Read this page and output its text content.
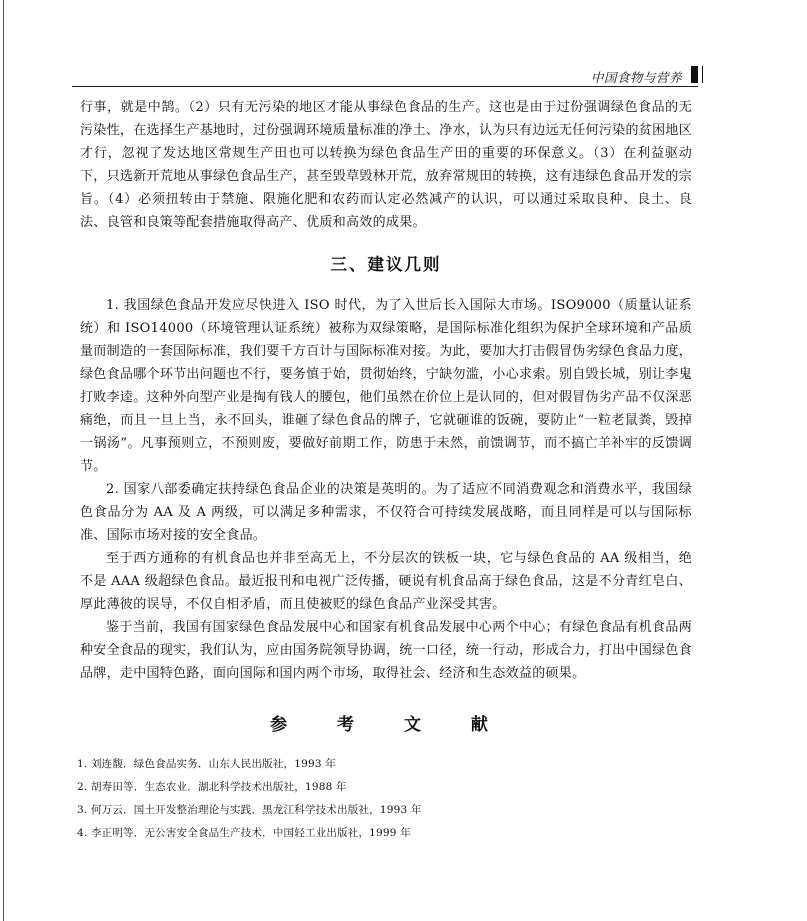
中国食物与营养

行事，就是中鹄。（2）只有无污染的地区才能从事绿色食品的生产。这也是由于过份强调绿色食品的无污染性，在选择生产基地时，过份强调环境质量标准的净土、净水，认为只有边远无任何污染的贫困地区才行，忽视了发达地区常规生产田也可以转换为绿色食品生产田的重要的环保意义。（3）在利益驱动下，只选新开荒地从事绿色食品生产，甚至毁草毁林开荒，放弃常规田的转换，这有违绿色食品开发的宗旨。（4）必须扭转由于禁施、限施化肥和农药而认定必然减产的认识，可以通过采取良种、良土、良法、良管和良策等配套措施取得高产、优质和高效的成果。

三、建议几则

1. 我国绿色食品开发应尽快进入 ISO 时代，为了入世后长入国际大市场。ISO9000（质量认证系统）和 ISO14000（环境管理认证系统）被称为双绿策略，是国际标准化组织为保护全球环境和产品质量而制造的一套国际标准，我们要千方百计与国际标准对接。为此，要加大打击假冒伪劣绿色食品力度，绿色食品哪个环节出问题也不行，要务慎于始，贯彻始终，宁缺勿滥，小心求索。别自毁长城，别让李鬼打败李逵。这种外向型产业是掏有钱人的腰包，他们虽然在价位上是认同的，但对假冒伪劣产品不仅深恶痛绝，而且一旦上当，永不回头，谁砸了绿色食品的牌子，它就砸谁的饭碗，要防止“一粒老鼠粪，毁掉一锅汤”。凡事预则立，不预则废，要做好前期工作，防患于未然，前馈调节，而不搞亡羊补牢的反馈调节。

2. 国家八部委确定扶持绿色食品企业的决策是英明的。为了适应不同消费观念和消费水平，我国绿色食品分为 AA 及 A 两级，可以满足多种需求，不仅符合可持续发展战略，而且同样是可以与国际标准、国际市场对接的安全食品。

至于西方通称的有机食品也并非至高无上，不分层次的铁板一块，它与绿色食品的 AA 级相当，绝不是 AAA 级超绿色食品。最近报刊和电视广泛传播，硬说有机食品高于绿色食品，这是不分青红皂白、厚此薄彼的误导，不仅自相矛盾，而且使被贬的绿色食品产业深受其害。

鉴于当前，我国有国家绿色食品发展中心和国家有机食品发展中心两个中心；有绿色食品有机食品两种安全食品的现实，我们认为，应由国务院领导协调，统一口径，统一行动，形成合力，打出中国绿色食品牌，走中国特色路，面向国际和国内两个市场，取得社会、经济和生态效益的硕果。

参 考 文 献
1. 刘连馥．绿色食品实务．山东人民出版社，1993 年
2. 胡寿田等．生态农业．湖北科学技术出版社，1988 年
3. 何万云．国土开发整治理论与实践．黑龙江科学技术出版社，1993 年
4. 李正明等．无公害安全食品生产技术．中国轻工业出版社，1999 年
